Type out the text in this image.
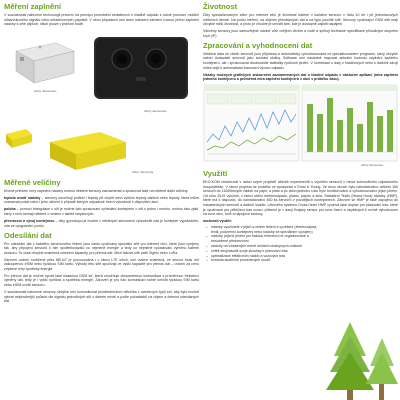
Měření zaplnění

V současnosti nabízíme technologii precizní na principu promítnění sedativních k hladině odpadu s ručně provozní mobilní ultrazvukového signálu nebo infračervených paprsků. V obou případech umí dnes nabízení zařízení rovnou přímo zaplnění nádoby s celé pilplole, nikoli pouze v jednom bodě.

zdroj: Sensoneo
zdroj: Sensoneo
zdroj: Sensority
Měřené veličiny

Kromě přehlení míry zaplnění nádoby mohou některé senzory zaznamenat a zpracovat také na některé další veličiny:

teplota uvnitř nádoby – senzory umožňují potřebi i teploty při chybě mezi vyšším teploty dalších nebo teploty, která může znamenat požár nebo i jeho oživení k případě kterých odpadové řízení vyhodnotí k dispoziční akci.

poloha – pomocí triangulace v síti je možné tato zpracování vyhledání kontejneru v síti o jedno i mnoho, mohou tato zjisti, který z nich nemají některé o vedení v taktéž smyslových.

převrácení a vývoj kontejneru – díky gyroskopu je možné v některých senzorech vyhodnotit zda je kontejner vyprázdněn, zda ve vysypaném pozici.

Odesílání dat

Pro odesílání dat z každého senzorového řešení jsou často využívány speciální sítě pro internet věcí, které jsou vyvíjeny tak, aby připojení senzorů k nim spotřebovávalo co nejméně energie a tedy co nejméně vyžadovalo výměnu baterie senzoru. To však obvykle znamená omezení kapacity, pro přenos dat. Mezi takové sítě patří Sigfox nebo LoRa.

Zároveň ovšem rozšířené přes NB-IoT je provozována i v rámci LTE sítích, což ovšem znamená, že senzor musí mít zakoupenou eSIM nebo fyzickou SIM kartu. Výhody této sítě spočívají ve vyšší kapacitě pro přenos dat – ovšem za cenu zvýšené míry spotřeby energie.

Pro přenos dat je možné využít také klasickou GSM síť, která umožňuje obousměrnou komunikaci s proměnnou frekvencí výměny dat, tedy je i vyšší rychlost a spotřeba energie. Zároveň je pro tuto komunikaci nutné umístit fyzickou SIM kartu nebo eSIM uvnitř senzoru.

V současnosti nabízené senzory obvykle umí komunikovat prostřednictvím několika z uvedených typů sítí, aby bylo možné vybrat nejvhodnější způsob dle signálu jednotlivých sítí v daném místě a podle požadavků na objem a četnost odesílaných dat.

Životnost

Díky specializovaným sítím pro internet věcí je životnost baterie v každém senzoru v řádu 10 let i při jednorázových měřeních denně. Na počtu měření, na objemu přenášených dat a na typu použité sítě. Senzory využívající GSM sítě mají obvykle nižší životnost, a proto je vhodné je umístit tam, kde je dostupné zajistit napájení.

Všechny senzory jsou samozřejmě odolné vůči vnějším vlivům a vodě a splňují technické specifikace příslušným stupněm krytí (IP).

Zpracování a vyhodnocení dat

Veškerá data ze všech senzorů jsou přijímána a automaticky vyhodnocována ve specializovaném programu, který obvykle nabízí dodavatel senzorů jako součást služby. Software umí následně mapovat aktuální hodnotu zaplnění každého kontejneru, ale i zpracovávat dlouhodobé statistiky rychlosti plnění. V kombinaci s daty z hladinových nebo s dalšími zdroji může dojít k automatizaci trasování vývozu odpadu.

Ukázky možných grafických znázornění zaznamenaných dat o hladině odpadu v obslužné aplikaci (míra zaplnění jednoho kontejneru a průměrná míra zaplnění kontejnerů v obci v průběhu času).

zdroj: Sensoneo
Využití

EKO-KOM zrealizoval v rámci svých projektů několik experimentů s využitím senzorů v rámci komunálního odpadového hospodářství. V rámci projektu se podařilo ve spolupráci s Ernst & Young. Ve dvou obcích bylo nainstalováno celkem 150 senzorů do 1100litrových nádob na papír, a plast a po dobu jednoho roku bylo monitorováno a vyhodnocováno jejich plnění. Od roku 2019 využívá, v rámci sběru elektroodpadu, plastu, papíru a skla, Statutární Teplic (Hrubá Hora) nádoby (HMP), které má k dispozici, do nainstalováno 460 ks senzorů v pozdějších kontejnerech. Zároveň se HMP je také zapojeno do nasazenských senzorů a dalších služeb. Lékového systému Cross-řízení HMP využívá také doprav pro plánování tras, které je využívané pro přiblížení tras svozu, přičemž je v daný Krajský senzor pro svoz řízení a úspěšných k rovině vyhodnocen na svoz obcí, kmě a nápojové kartony.

možnosti využití:

– nádoby využívané v jejich a celém řešení k vyvěšení (elektroodpad, textil, podzemní kontejnery nebo nádoby se speciálním vývojem)
– nádoby, jejichž plnění pro každou frekvenci ne organizované a nesvážené předsezónní
– nádoby na vzdálených méně místech dostupných místech
– chtěli ztrojnásobit svoje zkoušky k plánování tras
– optimalizace efektivních nádob a vozových tras
– kontrola skutečné provedených svozů
